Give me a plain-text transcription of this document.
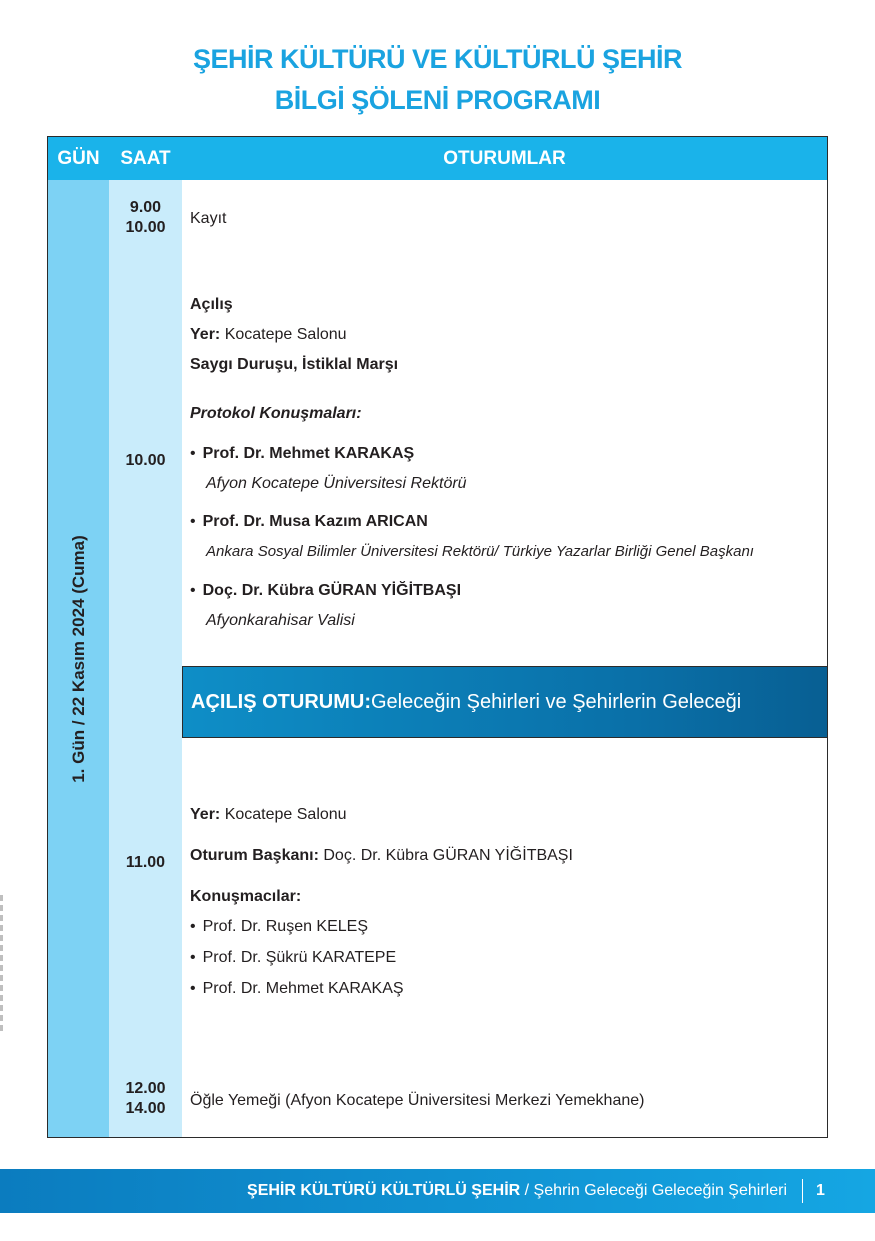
ŞEHİR KÜLTÜRÜ VE KÜLTÜRLÜ ŞEHİR
BİLGİ ŞÖLENİ PROGRAMI
GÜN	SAAT	OTURUMLAR
1. Gün / 22 Kasım 2024 (Cuma)
9.00
10.00
Kayıt
10.00
Açılış
Yer: Kocatepe Salonu
Saygı Duruşu, İstiklal Marşı
Protokol Konuşmaları:
• Prof. Dr. Mehmet KARAKAŞ
Afyon Kocatepe Üniversitesi Rektörü
• Prof. Dr. Musa Kazım ARICAN
Ankara Sosyal Bilimler Üniversitesi Rektörü/ Türkiye Yazarlar Birliği Genel Başkanı
• Doç. Dr. Kübra GÜRAN YİĞİTBAŞI
Afyonkarahisar Valisi
11.00
Yer: Kocatepe Salonu
Oturum Başkanı: Doç. Dr. Kübra GÜRAN YİĞİTBAŞI
Konuşmacılar:
• Prof. Dr. Ruşen KELEŞ
• Prof. Dr. Şükrü KARATEPE
• Prof. Dr. Mehmet KARAKAŞ
AÇILIŞ OTURUMU: Geleceğin Şehirleri ve Şehirlerin Geleceği
12.00
14.00 Öğle Yemeği (Afyon Kocatepe Üniversitesi Merkezi Yemekhane)
ŞEHİR KÜLTÜRÜ KÜLTÜRLÜ ŞEHİR / Şehrin Geleceği Geleceğin Şehirleri 1
